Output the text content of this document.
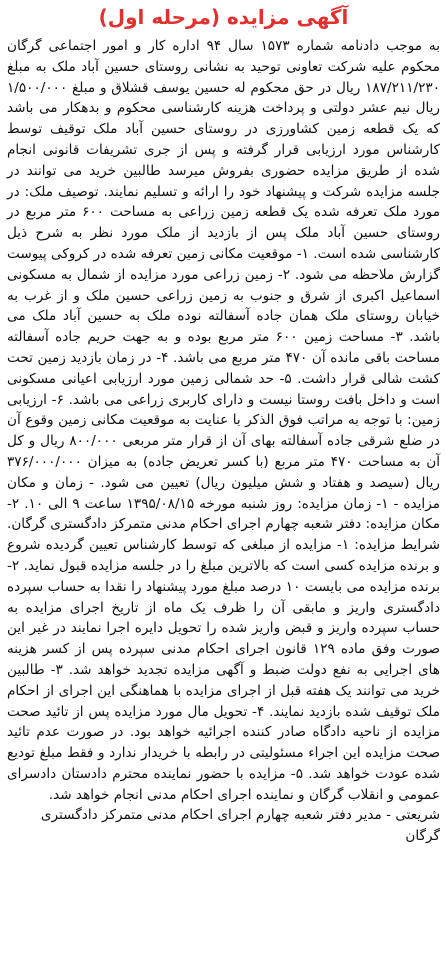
آگهی مزایده (مرحله اول)

به موجب دادنامه شماره ۱۵۷۳ سال ۹۴ اداره کار و امور اجتماعی گرگان محکوم علیه شرکت تعاونی توحید به نشانی روستای حسین آباد ملک به مبلغ ۱۸۷/۲۱۱/۲۳۰ ریال در حق محکوم له حسین یوسف قشلاق و مبلغ ۱/۵۰۰/۰۰۰ ریال نیم عشر دولتی و پرداخت هزینه کارشناسی محکوم و بدهکار می باشد که یک قطعه زمین کشاورزی در روستای حسین آباد ملک توقیف توسط کارشناس مورد ارزیابی قرار گرفته و پس از جری تشریفات قانونی انجام شده از طریق مزایده حضوری بفروش میرسد طالبین خرید می توانند در جلسه مزایده شرکت و پیشنهاد خود را ارائه و تسلیم نمایند. توصیف ملک: در مورد ملک تعرفه شده یک قطعه زمین زراعی به مساحت ۶۰۰ متر مربع در روستای حسین آباد ملک پس از بازدید از ملک مورد نظر به شرح ذیل کارشناسی شده است. ۱- موقعیت مکانی زمین تعرفه شده در کروکی پیوست گزارش ملاحظه می شود. ۲- زمین زراعی مورد مزایده از شمال به مسکونی اسماعیل اکبری از شرق و جنوب به زمین زراعی حسین ملک و از غرب به خیابان روستای ملک همان جاده آسفالته نوده ملک به حسین آباد ملک می باشد. ۳- مساحت زمین ۶۰۰ متر مربع بوده و به جهت حریم جاده آسفالته مساحت باقی مانده آن ۴۷۰ متر مربع می باشد. ۴- در زمان بازدید زمین تحت کشت شالی قرار داشت. ۵- حد شمالی زمین مورد ارزیابی اعیانی مسکونی است و داخل بافت روستا نیست و دارای کاربری زراعی می باشد. ۶- ارزیابی زمین: با توجه به مراتب فوق الذکر با عنایت به موقعیت مکانی زمین وقوع آن در ضلع شرقی جاده آسفالته بهای آن از قرار متر مربعی ۸۰۰/۰۰۰ ریال و کل آن به مساحت ۴۷۰ متر مربع (با کسر تعریض جاده) به میزان ۳۷۶/۰۰۰/۰۰۰ ریال (سیصد و هفتاد و شش میلیون ریال) تعیین می شود. - زمان و مکان مزایده - ۱- زمان مزایده: روز شنبه مورخه ۱۳۹۵/۰۸/۱۵ ساعت ۹ الی ۱۰. ۲- مکان مزایده: دفتر شعبه چهارم اجرای احکام مدنی متمرکز دادگستری گرگان. شرایط مزایده: ۱- مزایده از مبلغی که توسط کارشناس تعیین گردیده شروع و برنده مزایده کسی است که بالاترین مبلغ را در جلسه مزایده قبول نماید. ۲- برنده مزایده می بایست ۱۰ درصد مبلغ مورد پیشنهاد را نقدا به حساب سپرده دادگستری واریز و مابقی آن را ظرف یک ماه از تاریخ اجرای مزایده به حساب سپرده واریز و قبض واریز شده را تحویل دایره اجرا نمایند در غیر این صورت وفق ماده ۱۲۹ قانون اجرای احکام مدنی سپرده پس از کسر هزینه های اجرایی به نفع دولت ضبط و آگهی مزایده تجدید خواهد شد. ۳- طالبین خرید می توانند یک هفته قبل از اجرای مزایده با هماهنگی این اجرای از احکام ملک توقیف شده بازدید نمایند. ۴- تحویل مال مورد مزایده پس از تائید صحت مزایده از ناحیه دادگاه صادر کننده اجرائیه خواهد بود. در صورت عدم تائید صحت مزایده این اجراء مسئولیتی در رابطه با خریدار ندارد و فقط مبلغ تودیع شده عودت خواهد شد. ۵- مزایده با حضور نماینده محترم دادستان دادسرای عمومی و انقلاب گرگان و نماینده اجرای احکام مدنی انجام خواهد شد.

شریعتی - مدیر دفتر شعبه چهارم اجرای احکام مدنی متمرکز دادگستری

گرگان
